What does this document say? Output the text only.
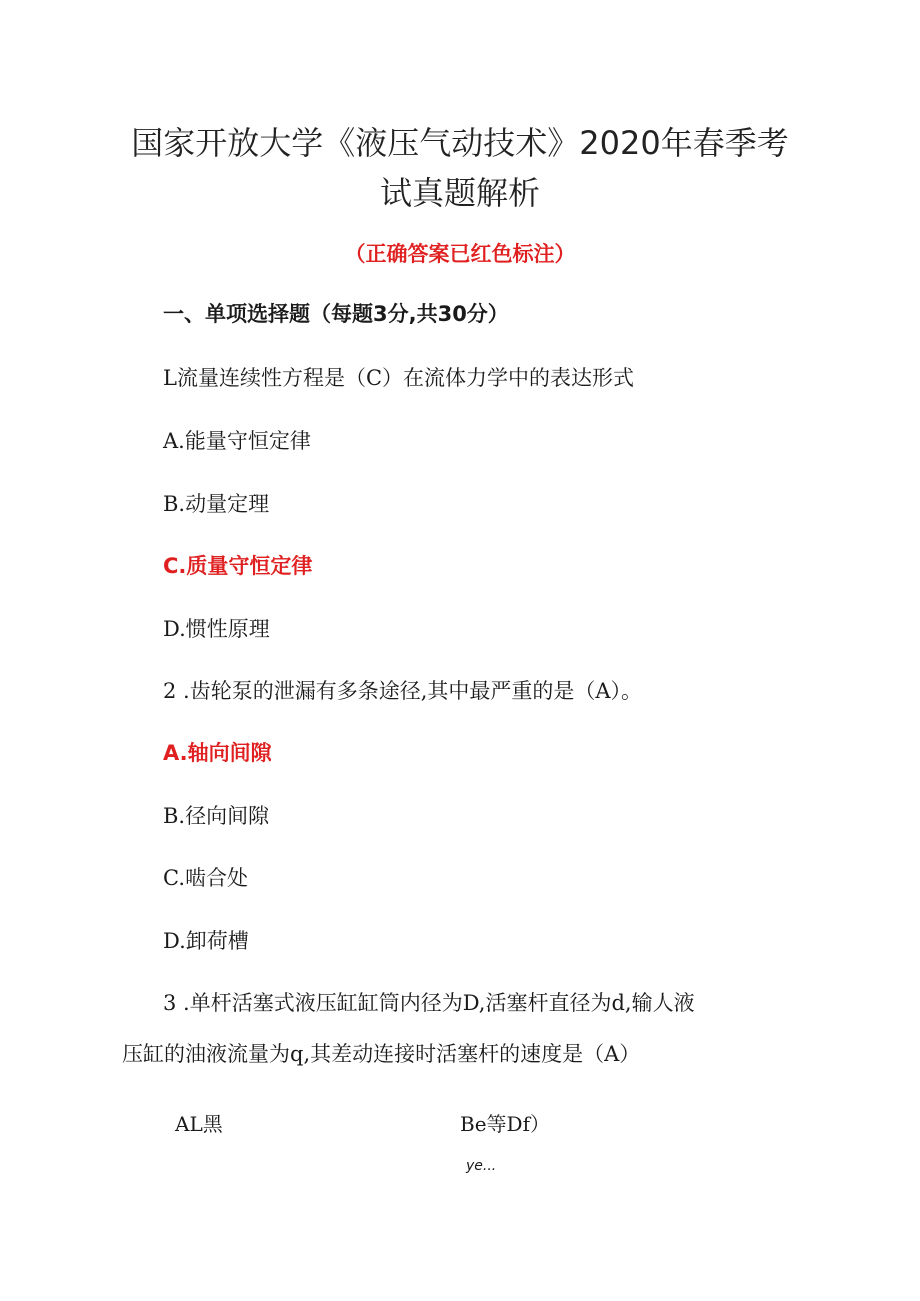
国家开放大学《液压气动技术》2020年春季考
试真题解析
（正确答案已红色标注）
一、单项选择题（每题3分,共30分）
L流量连续性方程是（C）在流体力学中的表达形式
A.能量守恒定律
B.动量定理
C.质量守恒定律
D.惯性原理
2 .齿轮泵的泄漏有多条途径,其中最严重的是（A）。
A.轴向间隙
B.径向间隙
C.啮合处
D.卸荷槽
3 .单杆活塞式液压缸缸筒内径为D,活塞杆直径为d,输人液
压缸的油液流量为q,其差动连接时活塞杆的速度是（A）
AL黑	Be等Df）
ye...
